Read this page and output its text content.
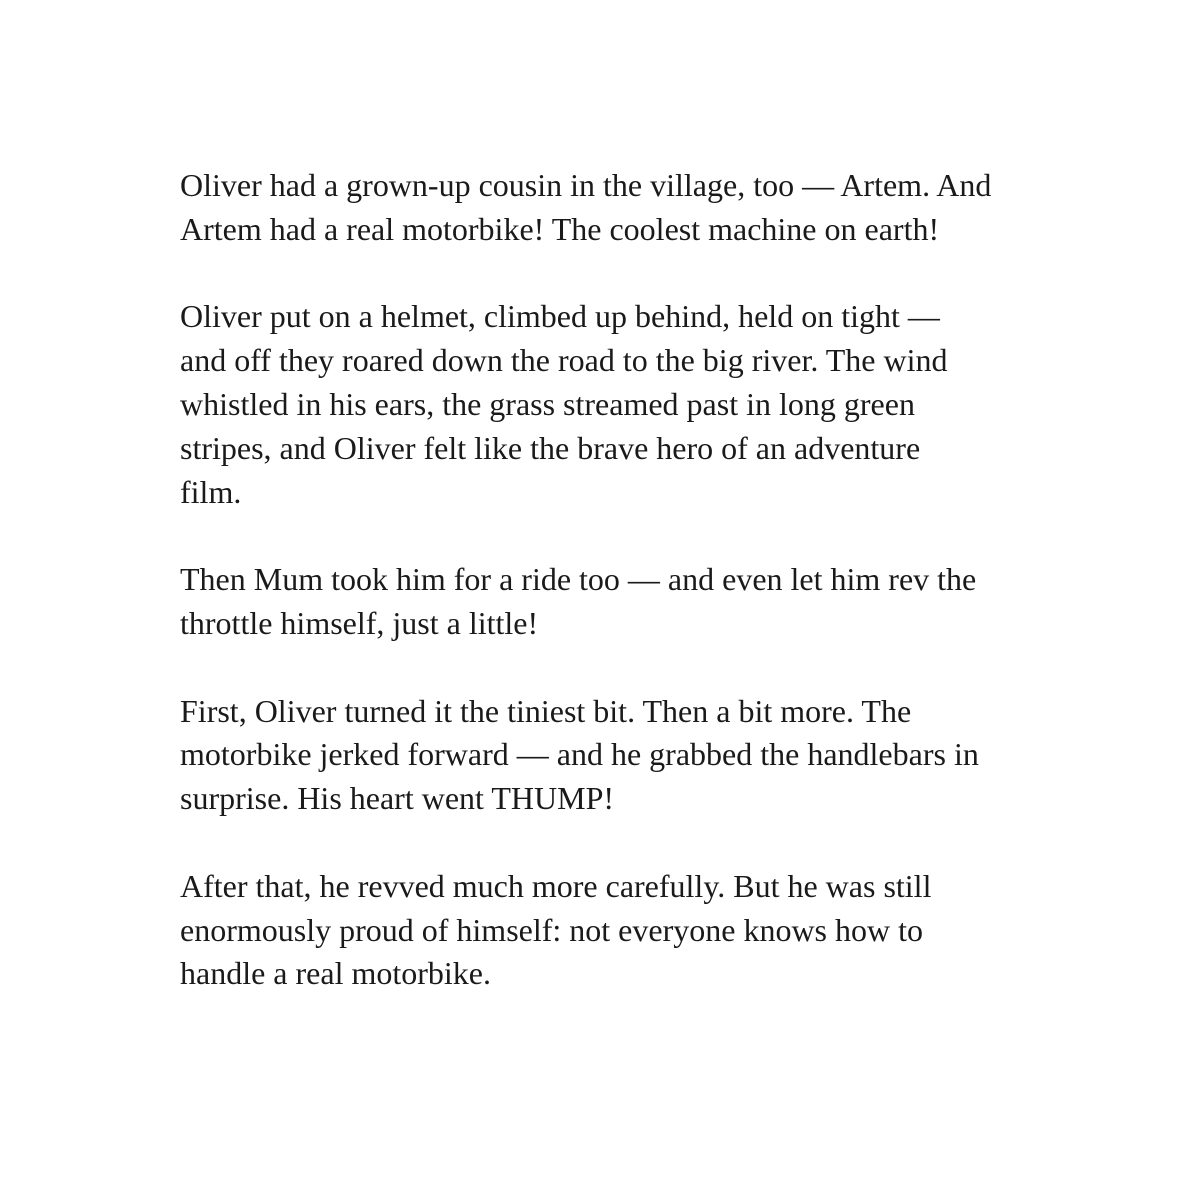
Oliver had a grown-up cousin in the village, too — Artem. And
Artem had a real motorbike! The coolest machine on earth!

Oliver put on a helmet, climbed up behind, held on tight —
and off they roared down the road to the big river. The wind
whistled in his ears, the grass streamed past in long green
stripes, and Oliver felt like the brave hero of an adventure
film.

Then Mum took him for a ride too — and even let him rev the
throttle himself, just a little!

First, Oliver turned it the tiniest bit. Then a bit more. The
motorbike jerked forward — and he grabbed the handlebars in
surprise. His heart went THUMP!

After that, he revved much more carefully. But he was still
enormously proud of himself: not everyone knows how to
handle a real motorbike.
